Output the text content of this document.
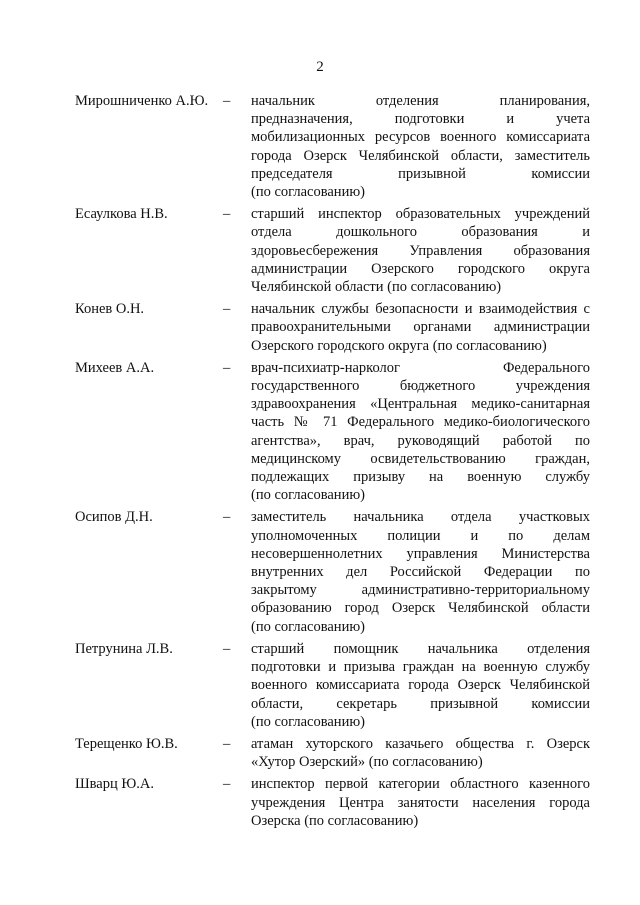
2
Мирошниченко А.Ю.	–	начальник отделения планирования,
предназначения, подготовки и учета
мобилизационных ресурсов военного комиссариата
города Озерск Челябинской области, заместитель
председателя призывной комиссии
(по согласованию)
Есаулкова Н.В.	–	старший инспектор образовательных учреждений
отдела дошкольного образования и
здоровьесбережения Управления образования
администрации Озерского городского округа
Челябинской области (по согласованию)
Конев О.Н.	–	начальник службы безопасности и взаимодействия с
правоохранительными органами администрации
Озерского городского округа (по согласованию)
Михеев А.А.	–	врач-психиатр-нарколог Федерального
государственного бюджетного учреждения
здравоохранения «Центральная медико-санитарная
часть № 71 Федерального медико-биологического
агентства», врач, руководящий работой по
медицинскому освидетельствованию граждан,
подлежащих призыву на военную службу
(по согласованию)
Осипов Д.Н.	–	заместитель начальника отдела участковых
уполномоченных полиции и по делам
несовершеннолетних управления Министерства
внутренних дел Российской Федерации по
закрытому административно-территориальному
образованию город Озерск Челябинской области
(по согласованию)
Петрунина Л.В.	–	старший помощник начальника отделения
подготовки и призыва граждан на военную службу
военного комиссариата города Озерск Челябинской
области, секретарь призывной комиссии
(по согласованию)
Терещенко Ю.В.	–	атаман хуторского казачьего общества г. Озерск
«Хутор Озерский» (по согласованию)
Шварц Ю.А.	–	инспектор первой категории областного казенного
учреждения Центра занятости населения города
Озерска (по согласованию)
